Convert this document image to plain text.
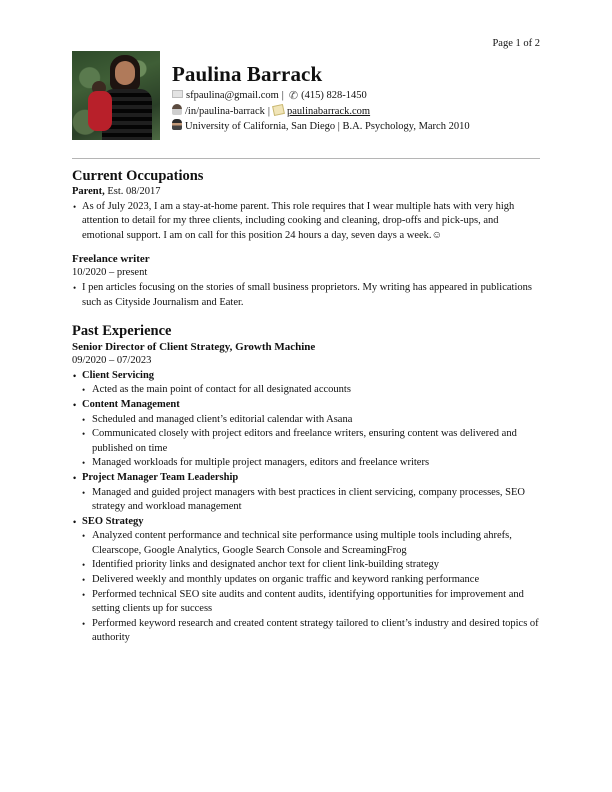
Page 1 of 2
Paulina Barrack
sfpaulina@gmail.com | ✆ (415) 828-1450
/in/paulina-barrack | paulinabarrack.com
University of California, San Diego | B.A. Psychology, March 2010
Current Occupations
Parent, Est. 08/2017
• As of July 2023, I am a stay-at-home parent. This role requires that I wear multiple hats with very high attention to detail for my three clients, including cooking and cleaning, drop-offs and pick-ups, and emotional support. I am on call for this position 24 hours a day, seven days a week.☺
Freelance writer
10/2020 – present
• I pen articles focusing on the stories of small business proprietors. My writing has appeared in publications such as Cityside Journalism and Eater.
Past Experience
Senior Director of Client Strategy, Growth Machine
09/2020 – 07/2023
• Client Servicing
• Acted as the main point of contact for all designated accounts
• Content Management
• Scheduled and managed client’s editorial calendar with Asana
• Communicated closely with project editors and freelance writers, ensuring content was delivered and published on time
• Managed workloads for multiple project managers, editors and freelance writers
• Project Manager Team Leadership
• Managed and guided project managers with best practices in client servicing, company processes, SEO strategy and workload management
• SEO Strategy
• Analyzed content performance and technical site performance using multiple tools including ahrefs, Clearscope, Google Analytics, Google Search Console and ScreamingFrog
• Identified priority links and designated anchor text for client link-building strategy
• Delivered weekly and monthly updates on organic traffic and keyword ranking performance
• Performed technical SEO site audits and content audits, identifying opportunities for improvement and setting clients up for success
• Performed keyword research and created content strategy tailored to client’s industry and desired topics of authority
